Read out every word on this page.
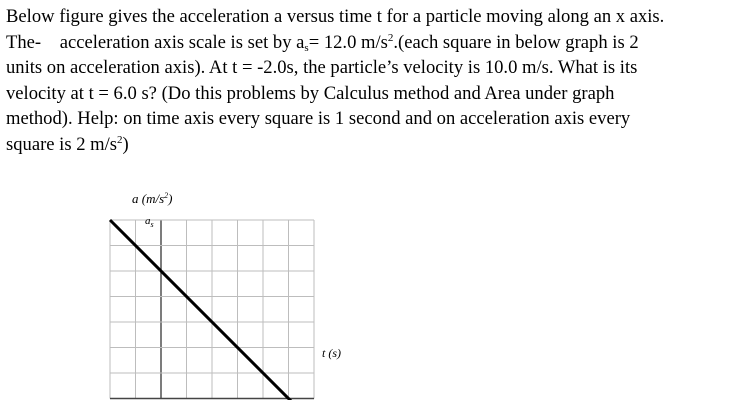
Below figure gives the acceleration a versus time t for a particle moving along an x axis.

The- acceleration axis scale is set by $a_s= 12.0$ $m/s^2.(each$ square in below graph is 2

units on acceleration axis). At t = -2.0s, the particle’s velocity is 10.0 m/s. What is its

velocity at t = 6.0 s? (Do this problems by Calculus method and Area under graph

method). Help: on time axis every square is 1 second and on acceleration axis every

square is 2 $m/s^2$)

a $(m/s^2)$
$a_s$
t (s)
